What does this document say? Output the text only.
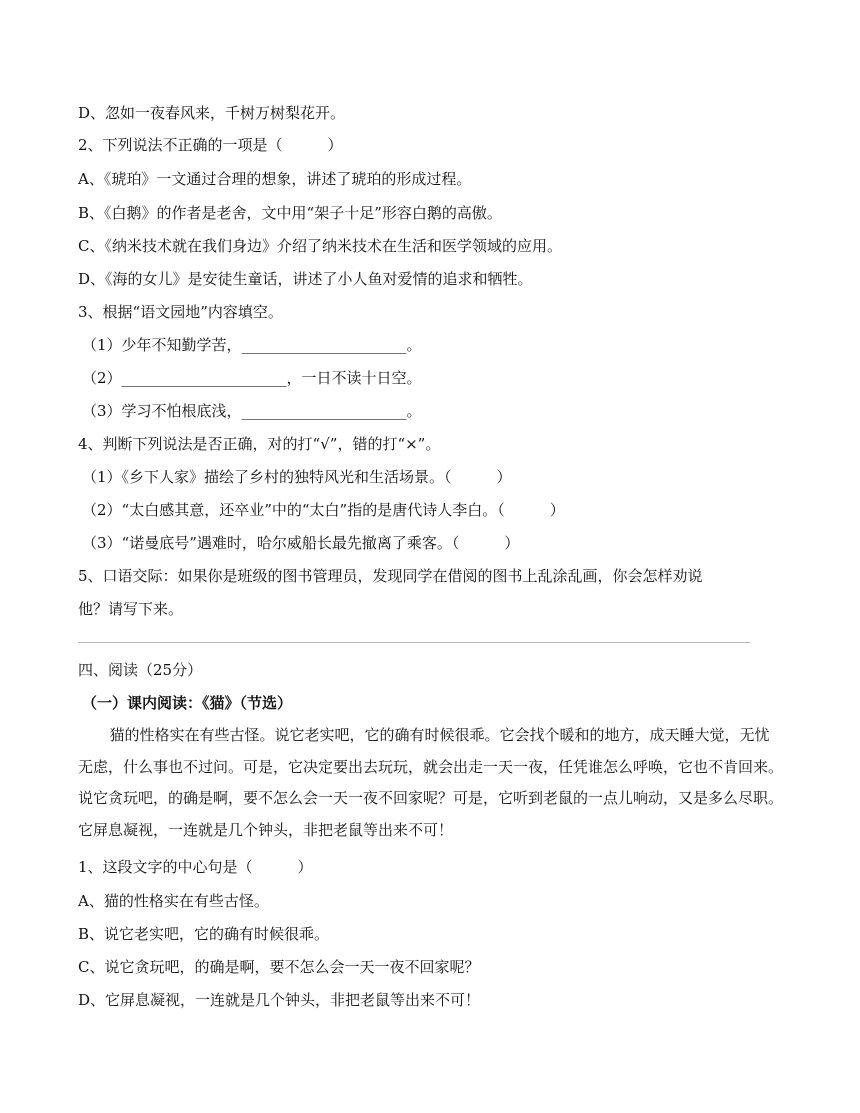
D、忽如一夜春风来，千树万树梨花开。
2、下列说法不正确的一项是（　　　）
A、《琥珀》一文通过合理的想象，讲述了琥珀的形成过程。
B、《白鹅》的作者是老舍，文中用“架子十足”形容白鹅的高傲。
C、《纳米技术就在我们身边》介绍了纳米技术在生活和医学领域的应用。
D、《海的女儿》是安徒生童话，讲述了小人鱼对爱情的追求和牺牲。
3、根据“语文园地”内容填空。
（1）少年不知勤学苦，______________________。
（2）______________________，一日不读十日空。
（3）学习不怕根底浅，______________________。
4、判断下列说法是否正确，对的打“√”，错的打“×”。
（1）《乡下人家》描绘了乡村的独特风光和生活场景。（　　　）
（2）“太白感其意，还卒业”中的“太白”指的是唐代诗人李白。（　　　）
（3）“诺曼底号”遇难时，哈尔威船长最先撤离了乘客。（　　　）
5、口语交际：如果你是班级的图书管理员，发现同学在借阅的图书上乱涂乱画，你会怎样劝说
他？请写下来。
四、阅读（25分）
（一）课内阅读：《猫》（节选）
猫的性格实在有些古怪。说它老实吧，它的确有时候很乖。它会找个暖和的地方，成天睡大觉，无忧无虑，什么事也不过问。可是，它决定要出去玩玩，就会出走一天一夜，任凭谁怎么呼唤，它也不肯回来。说它贪玩吧，的确是啊，要不怎么会一天一夜不回家呢？可是，它听到老鼠的一点儿响动，又是多么尽职。它屏息凝视，一连就是几个钟头，非把老鼠等出来不可！
1、这段文字的中心句是（　　　）
A、猫的性格实在有些古怪。
B、说它老实吧，它的确有时候很乖。
C、说它贪玩吧，的确是啊，要不怎么会一天一夜不回家呢？
D、它屏息凝视，一连就是几个钟头，非把老鼠等出来不可！
